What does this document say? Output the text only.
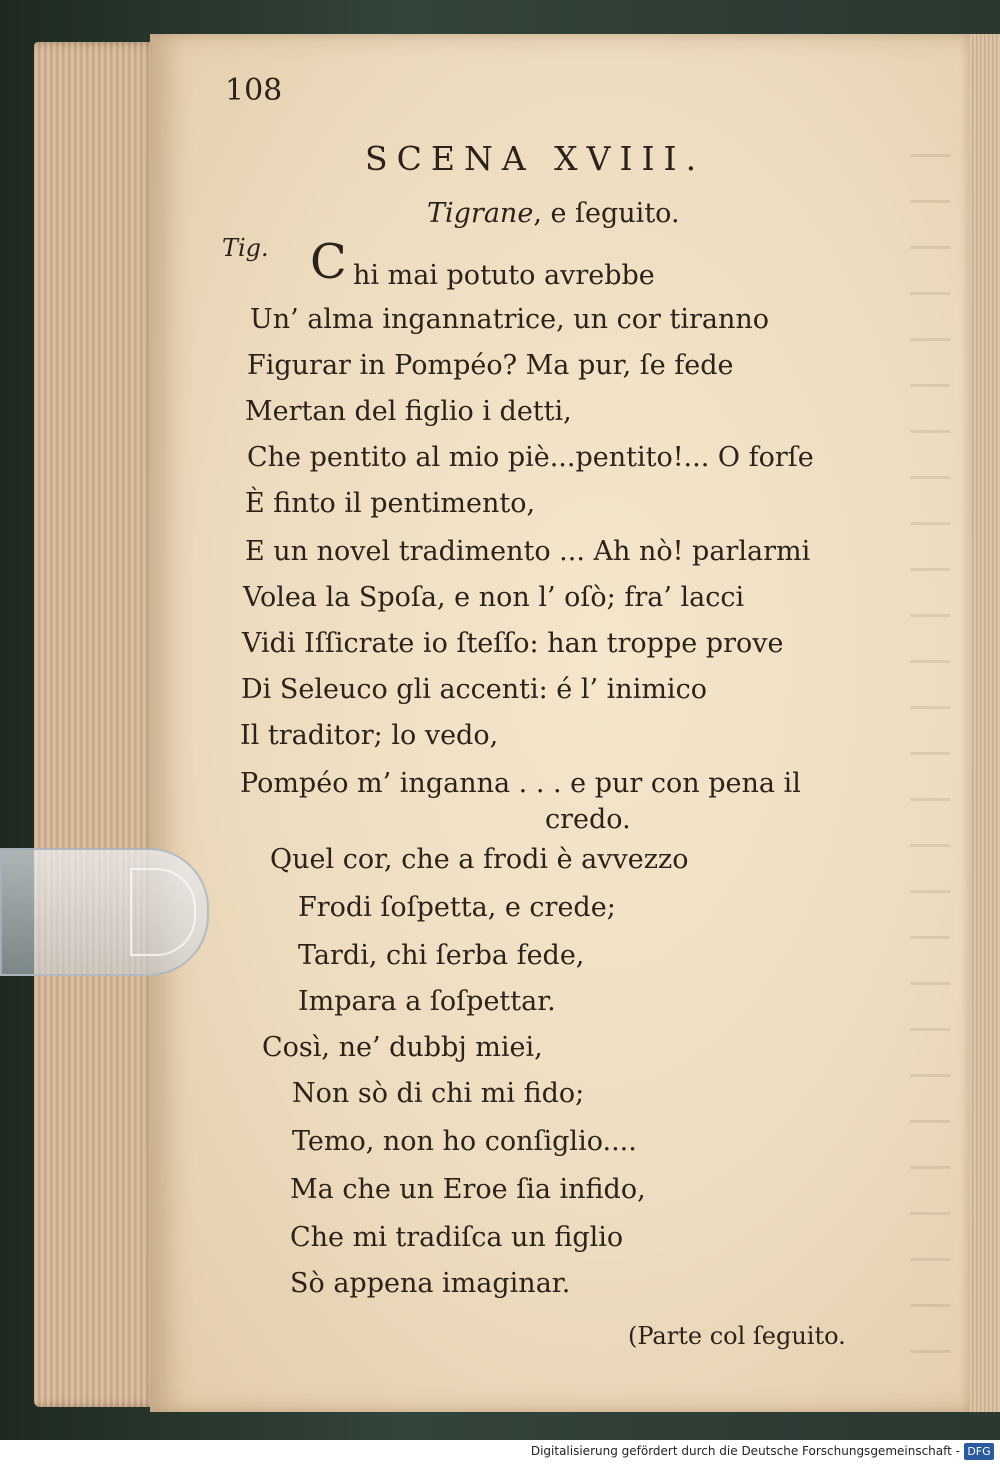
108
SCENA XVIII.
Tigrane, e ſeguito.
Tig. C hi mai potuto avrebbe
Un’ alma ingannatrice, un cor tiranno
Figurar in Pompéo? Ma pur, ſe fede
Mertan del figlio i detti,
Che pentito al mio piè...pentito!... O forſe
È finto il pentimento,
E un novel tradimento ... Ah nò! parlarmi
Volea la Spoſa, e non l’ oſò; fra’ lacci
Vidi Iſſicrate io ſteſſo: han troppe prove
Di Seleuco gli accenti: é l’ inimico
Il traditor; lo vedo,
Pompéo m’ inganna . . . e pur con pena il
credo.
Quel cor, che a frodi è avvezzo
Frodi ſoſpetta, e crede;
Tardi, chi ſerba fede,
Impara a ſoſpettar.
Così, ne’ dubbj miei,
Non sò di chi mi fido;
Temo, non ho conſiglio....
Ma che un Eroe ſia infido,
Che mi tradiſca un figlio
Sò appena imaginar.
(Parte col ſeguito.
Digitalisierung gefördert durch die Deutsche Forschungsgemeinschaft - DFG
